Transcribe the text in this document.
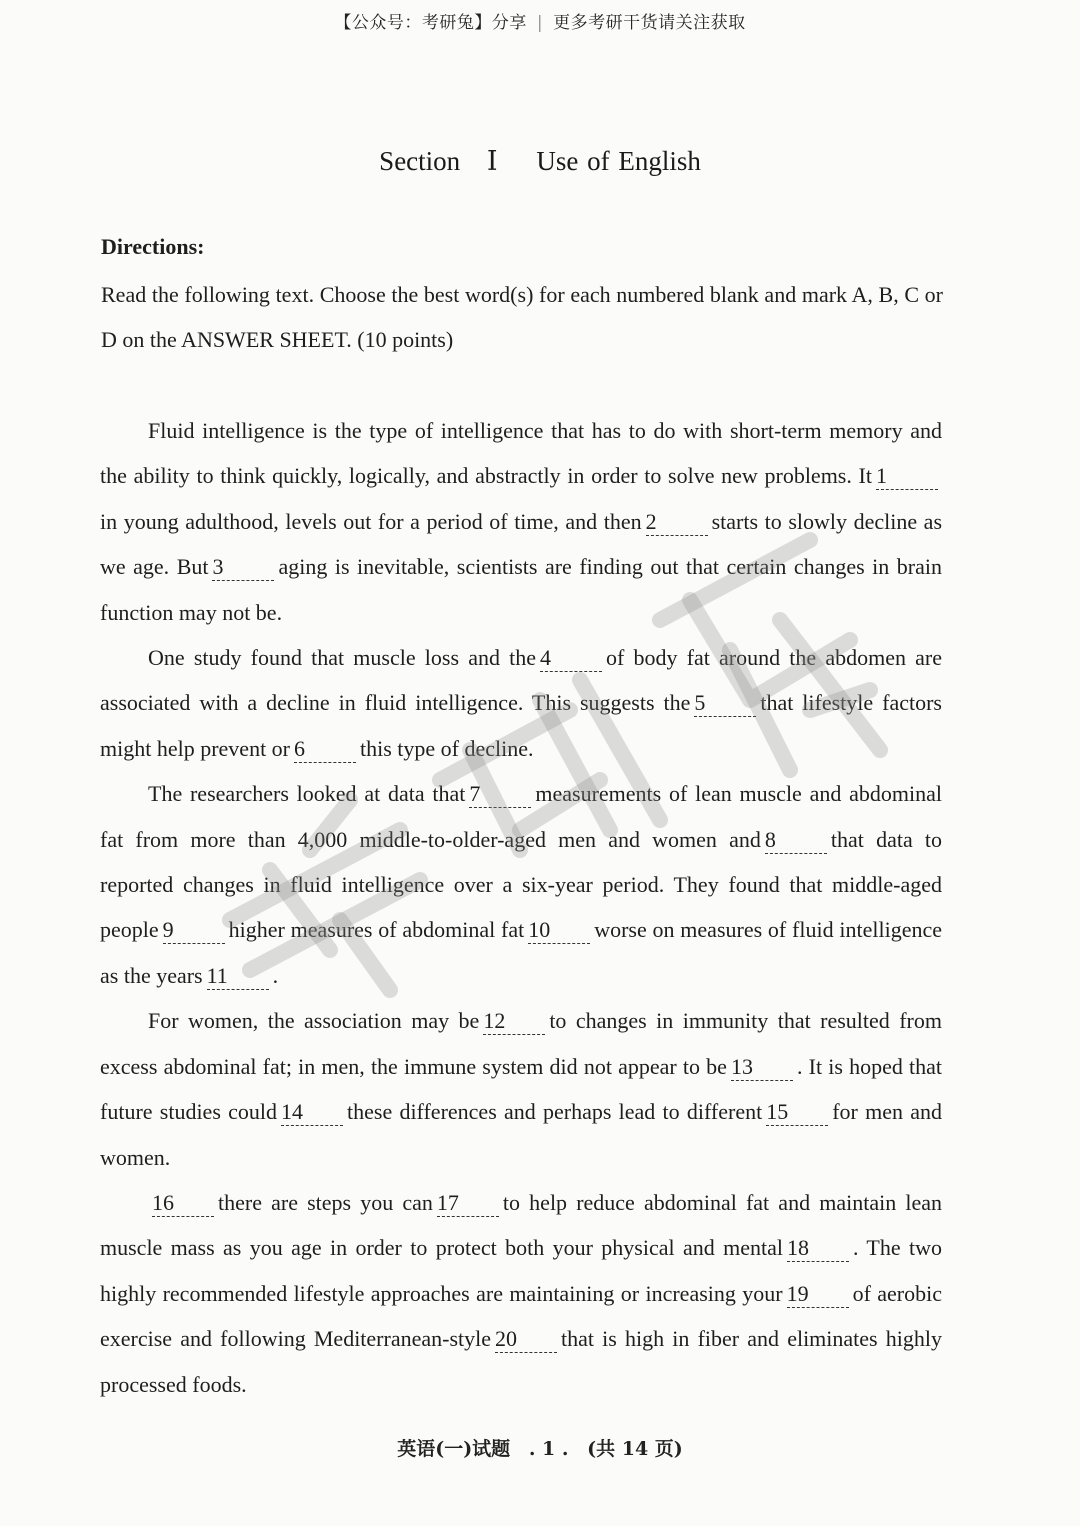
【公众号：考研兔】分享 | 更多考研干货请关注获取
Section Ⅰ Use of English
Directions:
Read the following text. Choose the best word(s) for each numbered blank and mark A, B, C or D on the ANSWER SHEET. (10 points)

Fluid intelligence is the type of intelligence that has to do with short-term memory and the ability to think quickly, logically, and abstractly in order to solve new problems. It 1in young adulthood, levels out for a period of time, and then 2	starts to slowly decline as we age. But 3	aging is inevitable, scientists are finding out that certain changes in brain function may not be.

One study found that muscle loss and the 4	of body fat around the abdomen are associated with a decline in fluid intelligence. This suggests the 5	that lifestyle factors might help prevent or 6	this type of decline.

The researchers looked at data that 7	measurements of lean muscle and abdominal fat from more than 4,000 middle-to-older-aged men and women and 8	that data to reported changes in fluid intelligence over a six-year period. They found that middle-aged people 9	higher measures of abdominal fat 10 worse on measures of fluid intelligence as the years 11 .

For women, the association may be 12 to changes in immunity that resulted from excess abdominal fat; in men, the immune system did not appear to be 13 . It is hoped that future studies could 14 these differences and perhaps lead to different 15 for men and women.

16 there are steps you can 17 to help reduce abdominal fat and maintain lean muscle mass as you age in order to protect both your physical and mental 18 . The two highly recommended lifestyle approaches are maintaining or increasing your 19 of aerobic exercise and following Mediterranean-style 20 that is high in fiber and eliminates highly processed foods.

英语(一)试题 . 1 . (共 14 页)
